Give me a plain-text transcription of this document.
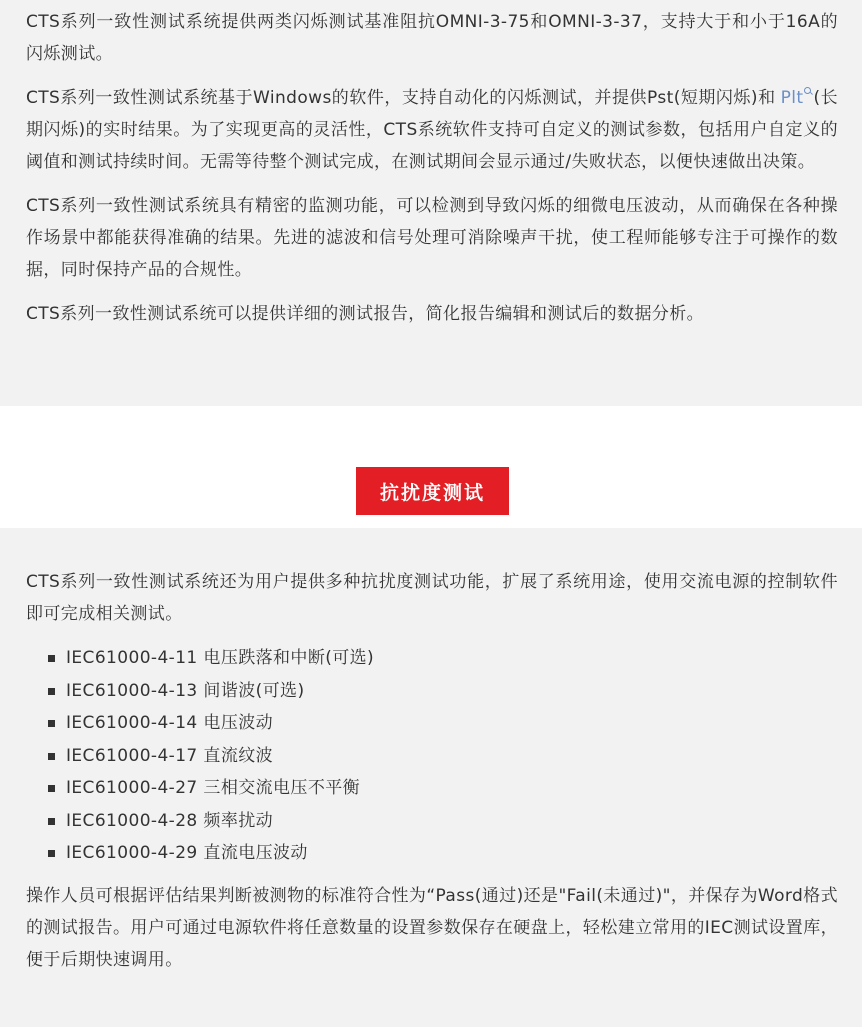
CTS系列一致性测试系统提供两类闪烁测试基准阻抗OMNI-3-75和OMNI-3-37，支持大于和小于16A的闪烁测试。

CTS系列一致性测试系统基于Windows的软件，支持自动化的闪烁测试，并提供Pst(短期闪烁)和 Plt (长期闪烁)的实时结果。为了实现更高的灵活性，CTS系统软件支持可自定义的测试参数，包括用户自定义的阈值和测试持续时间。无需等待整个测试完成，在测试期间会显示通过/失败状态，以便快速做出决策。

CTS系列一致性测试系统具有精密的监测功能，可以检测到导致闪烁的细微电压波动，从而确保在各种操作场景中都能获得准确的结果。先进的滤波和信号处理可消除噪声干扰，使工程师能够专注于可操作的数据，同时保持产品的合规性。

CTS系列一致性测试系统可以提供详细的测试报告，简化报告编辑和测试后的数据分析。

抗扰度测试

CTS系列一致性测试系统还为用户提供多种抗扰度测试功能，扩展了系统用途，使用交流电源的控制软件即可完成相关测试。

IEC61000-4-11 电压跌落和中断(可选)
IEC61000-4-13 间谐波(可选)
IEC61000-4-14 电压波动
IEC61000-4-17 直流纹波
IEC61000-4-27 三相交流电压不平衡
IEC61000-4-28 频率扰动
IEC61000-4-29 直流电压波动

操作人员可根据评估结果判断被测物的标准符合性为“Pass(通过)还是"Fail(未通过)"，并保存为Word格式的测试报告。用户可通过电源软件将任意数量的设置参数保存在硬盘上，轻松建立常用的IEC测试设置库，便于后期快速调用。
